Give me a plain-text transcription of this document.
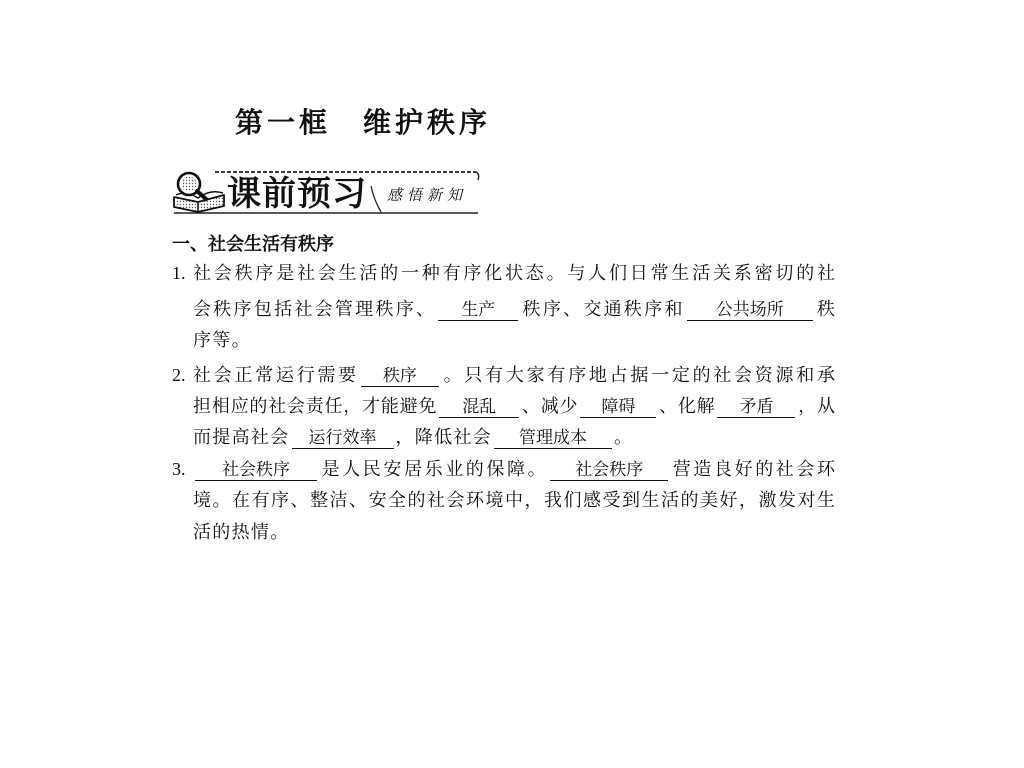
第一框　维护秩序
课前预习 感悟新知
一、社会生活有秩序
1. 社会秩序是社会生活的一种有序化状态。与人们日常生活关系密切的社
会秩序包括社会管理秩序、 生产 秩序、交通秩序和 公共场所 秩
序等。
2. 社会正常运行需要 秩序 。只有大家有序地占据一定的社会资源和承
担相应的社会责任，才能避免 混乱 、减少 障碍 、化解 矛盾 ，从
而提高社会 运行效率 ，降低社会 管理成本 。
3.	社会秩序 是人民安居乐业的保障。 社会秩序 营造良好的社会环
境。在有序、整洁、安全的社会环境中，我们感受到生活的美好，激发对生
活的热情。
